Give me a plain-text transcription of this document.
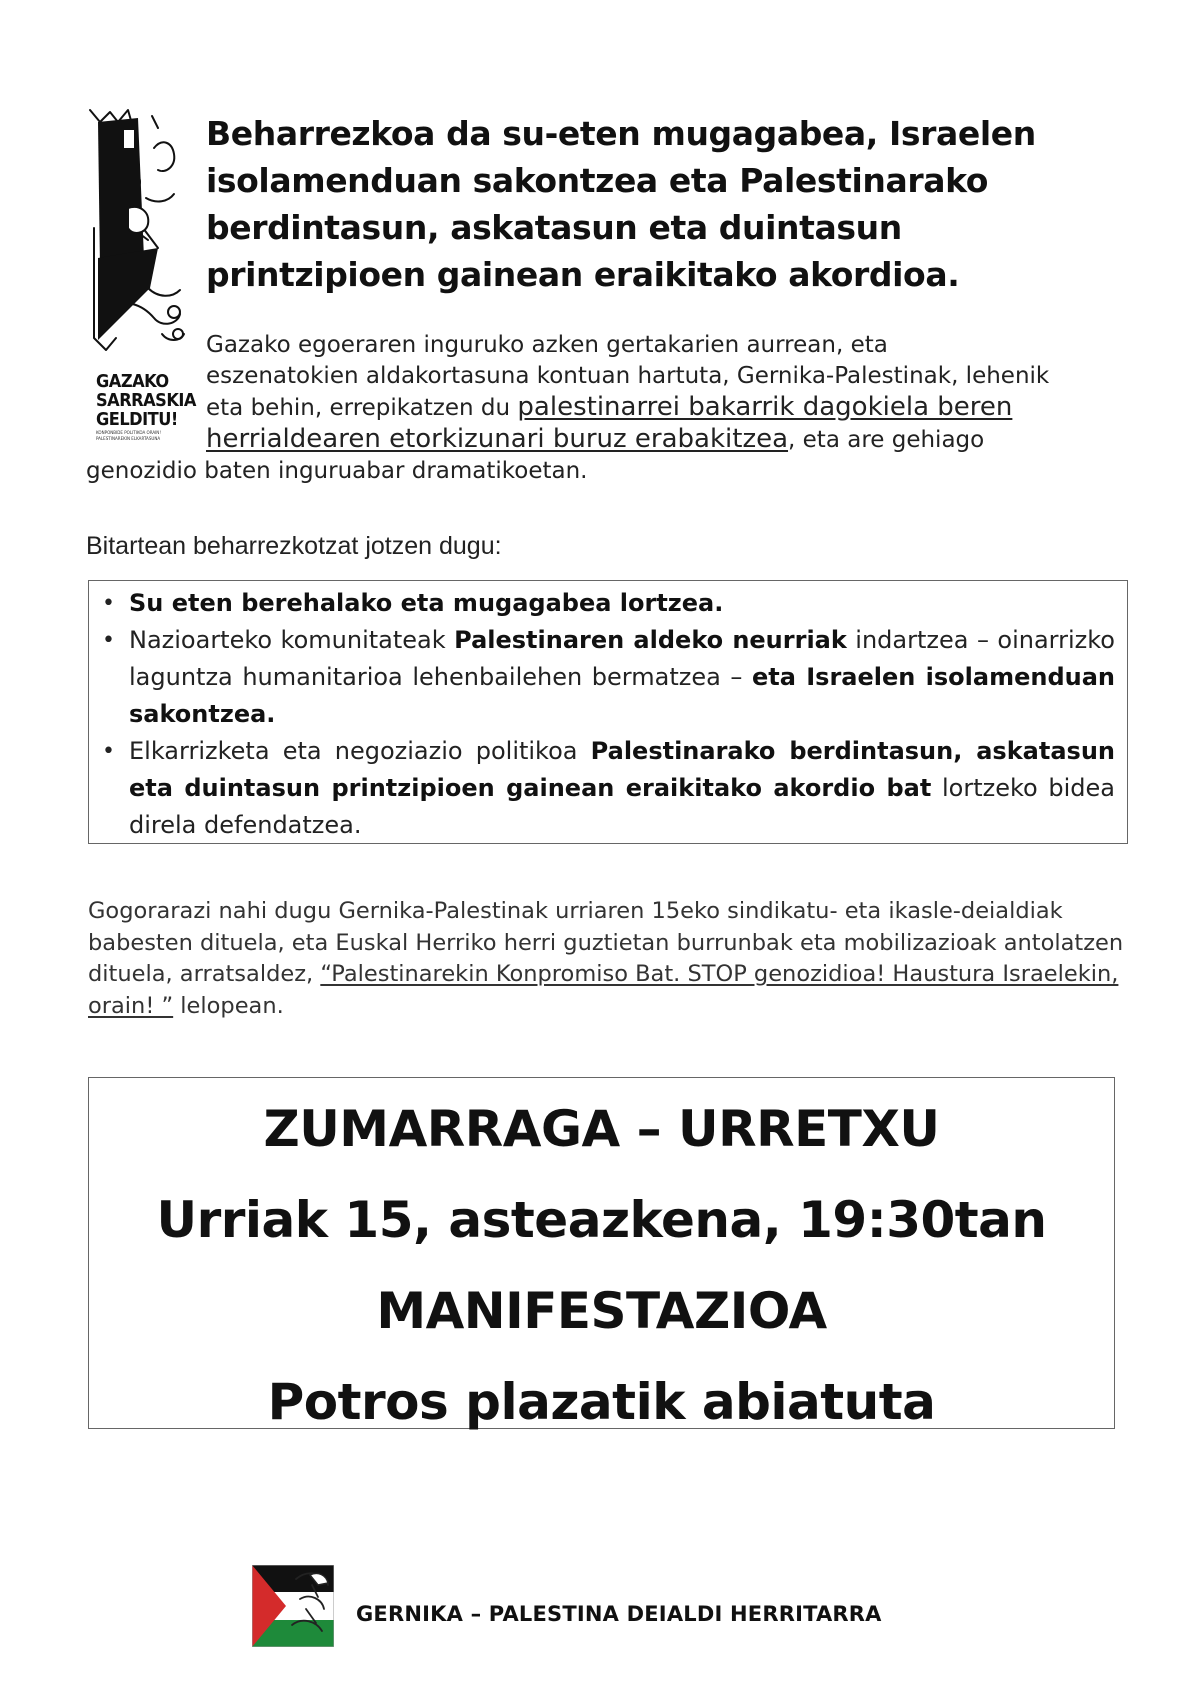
GAZAKO
SARRASKIA
GELDITU!
KONPONBIDE POLITIKOA ORAIN! PALESTINAREKIN ELKARTASUNA
Beharrezkoa da su-eten mugagabea, Israelen
isolamenduan sakontzea eta Palestinarako
berdintasun, askatasun eta duintasun
printzipioen gainean eraikitako akordioa.

Gazako egoeraren inguruko azken gertakarien aurrean, eta
eszenatokien aldakortasuna kontuan hartuta, Gernika-Palestinak, lehenik
eta behin, errepikatzen du palestinarrei bakarrik dagokiela beren
herrialdearen etorkizunari buruz erabakitzea, eta are gehiago
genozidio baten inguruabar dramatikoetan.

Bitartean beharrezkotzat jotzen dugu:

• Su eten berehalako eta mugagabea lortzea.
• Nazioarteko komunitateak Palestinaren aldeko neurriak indartzea – oinarrizko laguntza humanitarioa lehenbailehen bermatzea – eta Israelen isolamenduan sakontzea.
• Elkarrizketa eta negoziazio politikoa Palestinarako berdintasun, askatasun eta duintasun printzipioen gainean eraikitako akordio bat lortzeko bidea direla defendatzea.

Gogorarazi nahi dugu Gernika-Palestinak urriaren 15eko sindikatu- eta ikasle-deialdiak babesten dituela, eta Euskal Herriko herri guztietan burrunbak eta mobilizazioak antolatzen dituela, arratsaldez, “Palestinarekin Konpromiso Bat. STOP genozidioa! Haustura Israelekin, orain! ” lelopean.

ZUMARRAGA – URRETXU
Urriak 15, asteazkena, 19:30tan
MANIFESTAZIOA
Potros plazatik abiatuta

GERNIKA – PALESTINA DEIALDI HERRITARRA
